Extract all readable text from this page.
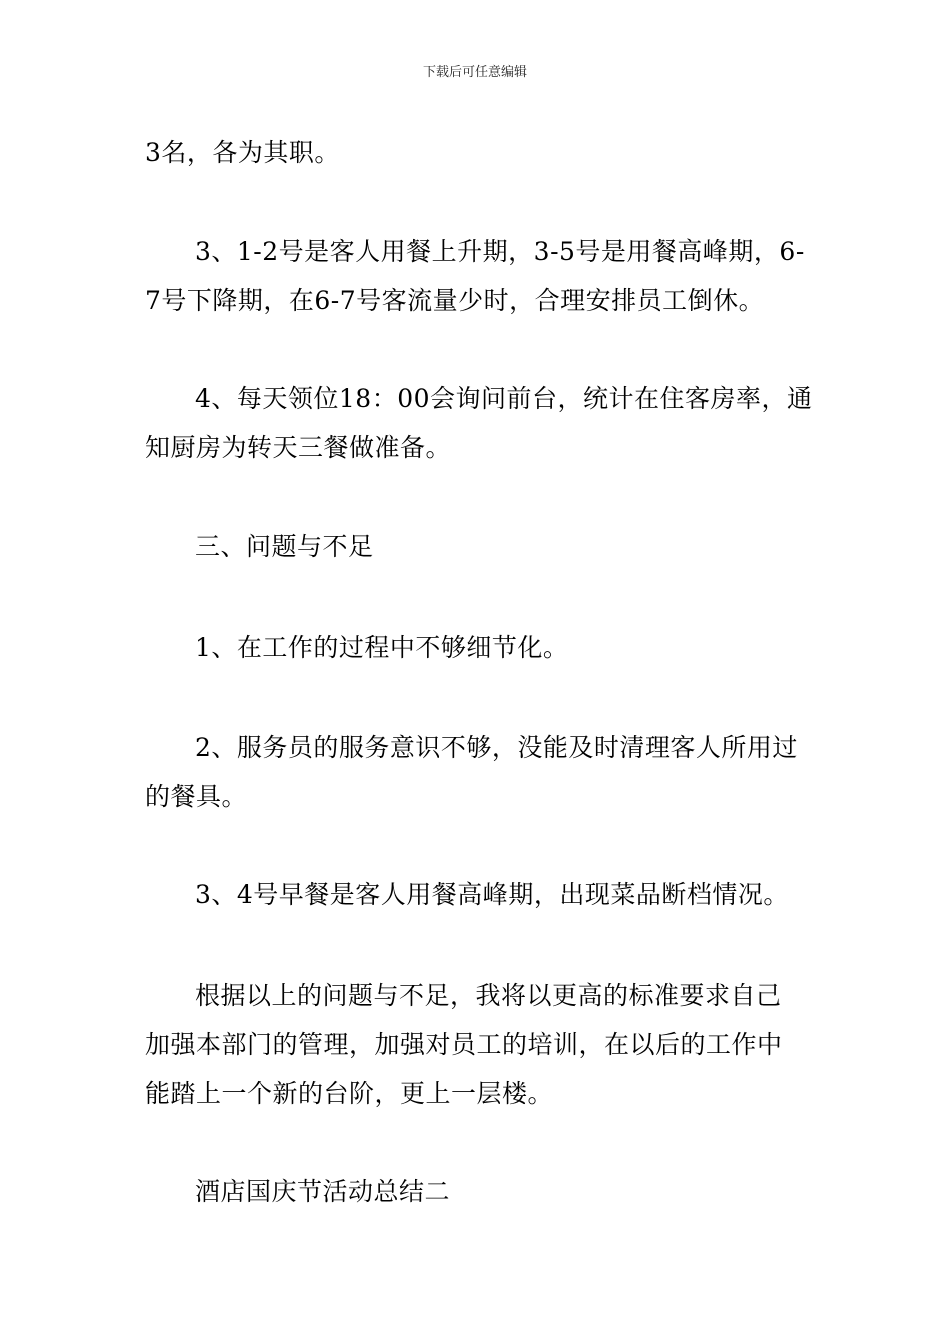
下载后可任意编辑

3名，各为其职。

3、1-2号是客人用餐上升期，3-5号是用餐高峰期，6-
7号下降期，在6-7号客流量少时，合理安排员工倒休。

4、每天领位18：00会询问前台，统计在住客房率，通
知厨房为转天三餐做准备。

三、问题与不足

1、在工作的过程中不够细节化。

2、服务员的服务意识不够，没能及时清理客人所用过
的餐具。

3、4号早餐是客人用餐高峰期，出现菜品断档情况。

根据以上的问题与不足，我将以更高的标准要求自己
加强本部门的管理，加强对员工的培训，在以后的工作中
能踏上一个新的台阶，更上一层楼。

酒店国庆节活动总结二
